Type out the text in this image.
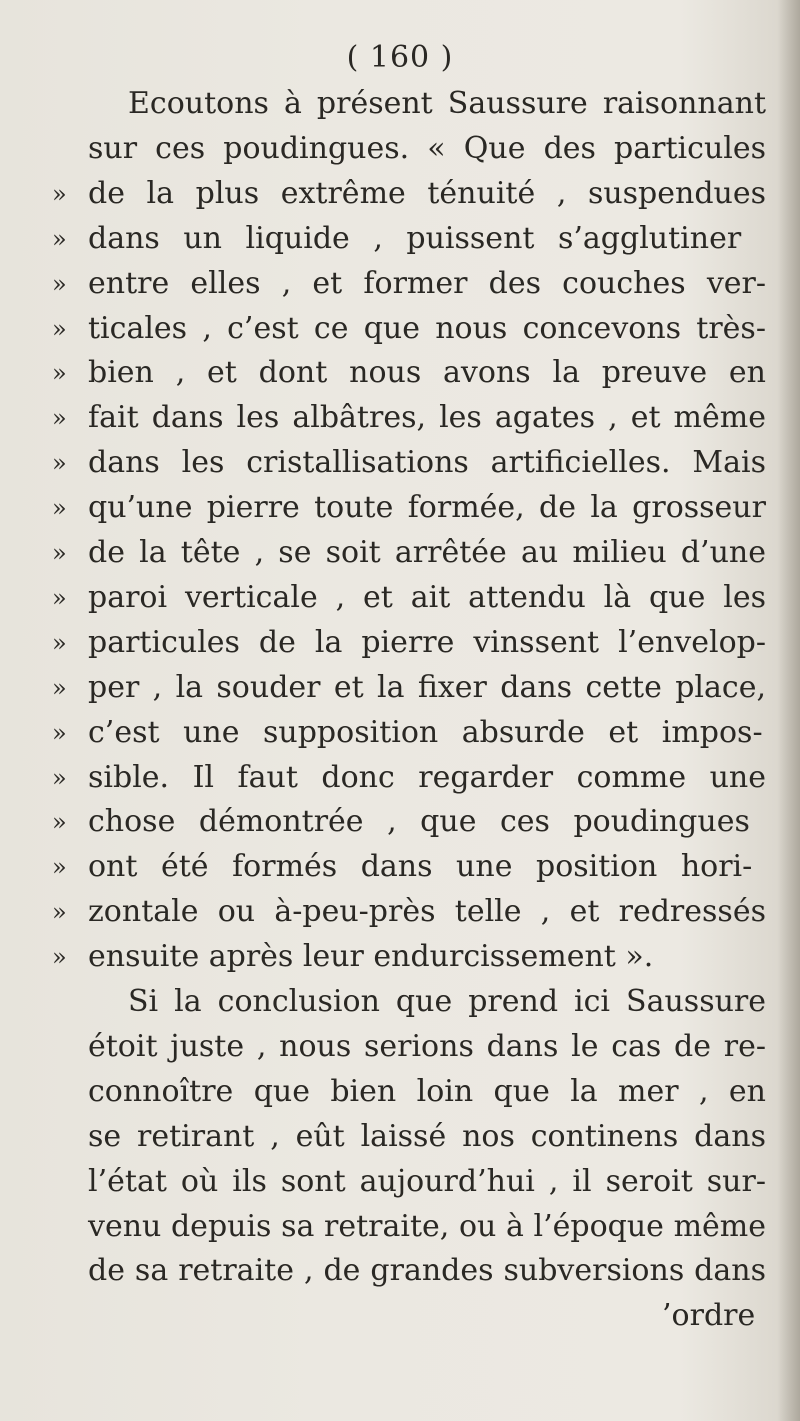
( 160 )
Ecoutons à présent Saussure raisonnant
sur ces poudingues. « Que des particules
» de la plus extrême ténuité , suspendues
» dans un liquide , puissent s’agglutiner
» entre elles , et former des couches ver-
» ticales , c’est ce que nous concevons très-
» bien , et dont nous avons la preuve en
» fait dans les albâtres, les agates , et même
» dans les cristallisations artificielles. Mais
» qu’une pierre toute formée, de la grosseur
» de la tête , se soit arrêtée au milieu d’une
» paroi verticale , et ait attendu là que les
» particules de la pierre vinssent l’envelop-
» per , la souder et la fixer dans cette place,
» c’est une supposition absurde et impos-
» sible. Il faut donc regarder comme une
» chose démontrée , que ces poudingues
» ont été formés dans une position hori-
» zontale ou à-peu-près telle , et redressés
» ensuite après leur endurcissement ».
Si la conclusion que prend ici Saussure
étoit juste , nous serions dans le cas de re-
connoître que bien loin que la mer , en
se retirant , eût laissé nos continens dans
l’état où ils sont aujourd’hui , il seroit sur-
venu depuis sa retraite, ou à l’époque même
de sa retraite , de grandes subversions dans
’ordre
